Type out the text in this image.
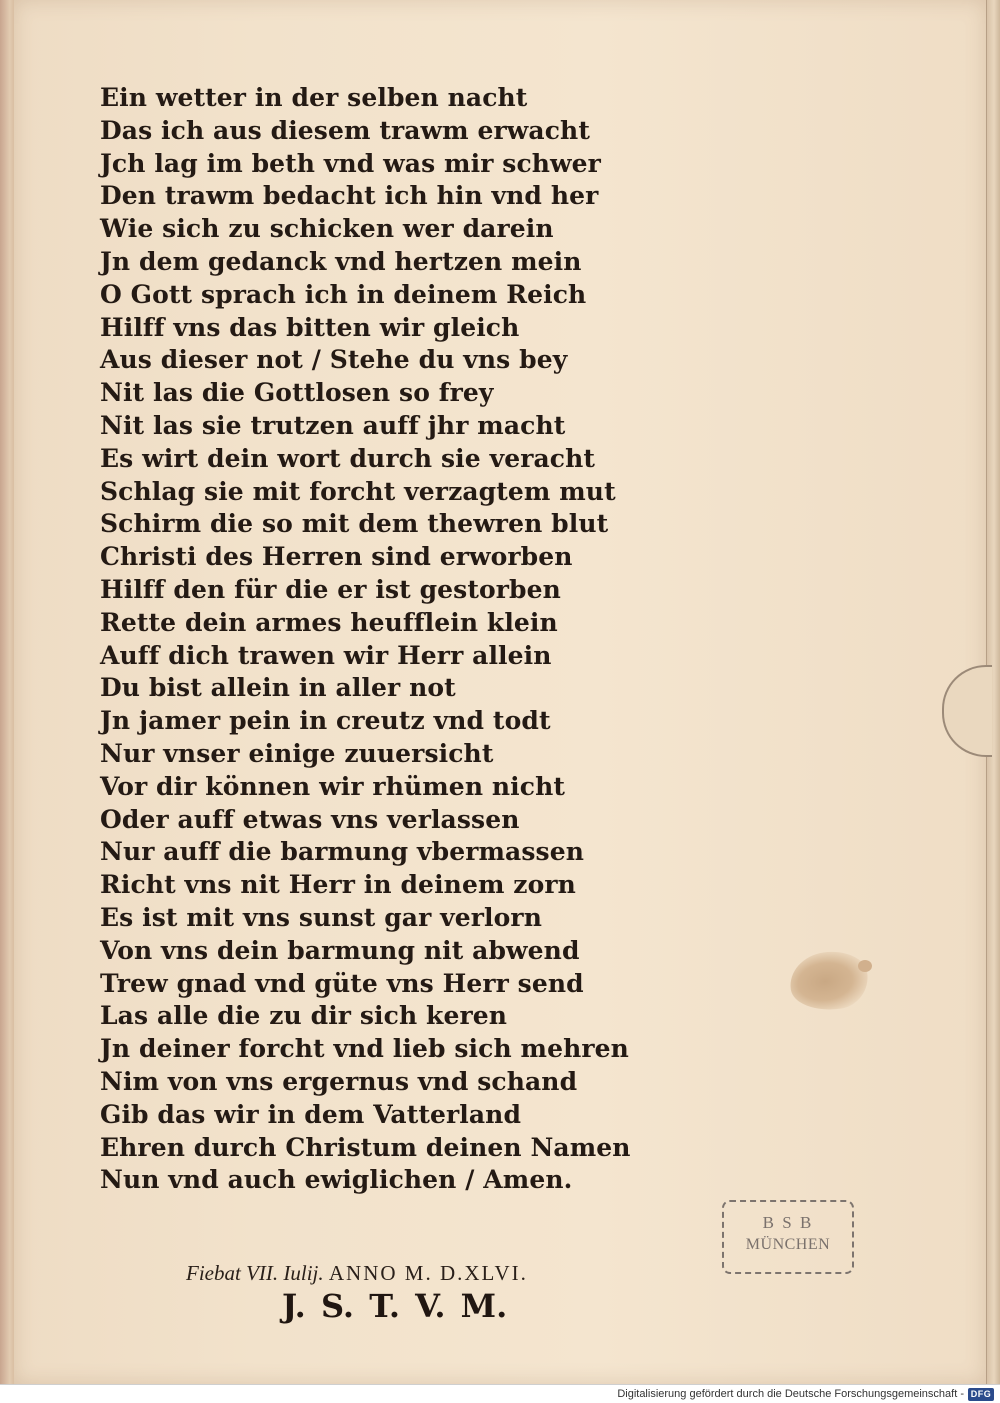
Ein wetter in der selben nacht
Das ich aus diesem trawm erwacht
Jch lag im beth vnd was mir schwer
Den trawm bedacht ich hin vnd her
Wie sich zu schicken wer darein
Jn dem gedanck vnd hertzen mein
O Gott sprach ich in deinem Reich
Hilff vns das bitten wir gleich
Aus dieser not / Stehe du vns bey
Nit las die Gottlosen so frey
Nit las sie trutzen auff jhr macht
Es wirt dein wort durch sie veracht
Schlag sie mit forcht verzagtem mut
Schirm die so mit dem thewren blut
Christi des Herren sind erworben
Hilff den für die er ist gestorben
Rette dein armes heufflein klein
Auff dich trawen wir Herr allein
Du bist allein in aller not
Jn jamer pein in creutz vnd todt
Nur vnser einige zuuersicht
Vor dir können wir rhümen nicht
Oder auff etwas vns verlassen
Nur auff die barmung vbermassen
Richt vns nit Herr in deinem zorn
Es ist mit vns sunst gar verlorn
Von vns dein barmung nit abwend
Trew gnad vnd güte vns Herr send
Las alle die zu dir sich keren
Jn deiner forcht vnd lieb sich mehren
Nim von vns ergernus vnd schand
Gib das wir in dem Vatterland
Ehren durch Christum deinen Namen
Nun vnd auch ewiglichen / Amen.
Fiebat VII. Iulij. ANNO M. D.XLVI.
J. S. T. V. M.
B S B
MÜNCHEN
Digitalisierung gefördert durch die Deutsche Forschungsgemeinschaft - DFG
